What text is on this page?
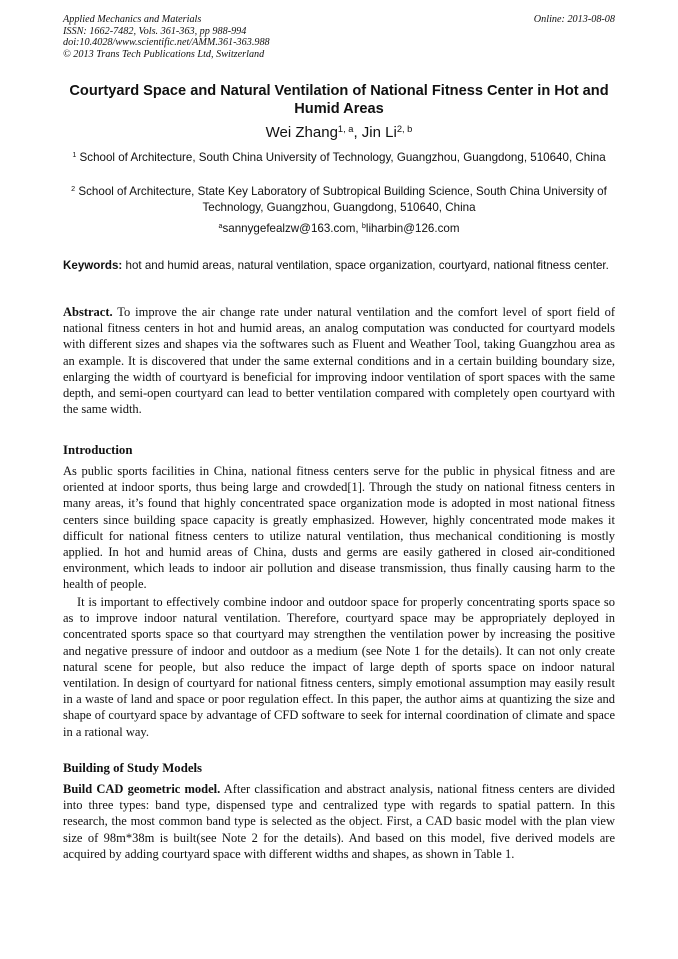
Applied Mechanics and Materials
ISSN: 1662-7482, Vols. 361-363, pp 988-994
doi:10.4028/www.scientific.net/AMM.361-363.988
© 2013 Trans Tech Publications Ltd, Switzerland
Online: 2013-08-08
Courtyard Space and Natural Ventilation of National Fitness Center in Hot and Humid Areas
Wei Zhang$^{1, a}$, Jin Li$^{2, b}$
$^1$ School of Architecture, South China University of Technology, Guangzhou, Guangdong, 510640, China
$^2$ School of Architecture, State Key Laboratory of Subtropical Building Science, South China University of Technology, Guangzhou, Guangdong, 510640, China
$^a$sannygefealzw@163.com, $^b$liharbin@126.com
Keywords: hot and humid areas, natural ventilation, space organization, courtyard, national fitness center.
Abstract. To improve the air change rate under natural ventilation and the comfort level of sport field of national fitness centers in hot and humid areas, an analog computation was conducted for courtyard models with different sizes and shapes via the softwares such as Fluent and Weather Tool, taking Guangzhou area as an example. It is discovered that under the same external conditions and in a certain building boundary size, enlarging the width of courtyard is beneficial for improving indoor ventilation of sport spaces with the same depth, and semi-open courtyard can lead to better ventilation compared with completely open courtyard with the same width.
Introduction
As public sports facilities in China, national fitness centers serve for the public in physical fitness and are oriented at indoor sports, thus being large and crowded[1]. Through the study on national fitness centers in many areas, it’s found that highly concentrated space organization mode is adopted in most national fitness centers since building space capacity is greatly emphasized. However, highly concentrated mode makes it difficult for national fitness centers to utilize natural ventilation, thus mechanical conditioning is mostly applied. In hot and humid areas of China, dusts and germs are easily gathered in closed air-conditioned environment, which leads to indoor air pollution and disease transmission, thus finally causing harm to the health of people.
It is important to effectively combine indoor and outdoor space for properly concentrating sports space so as to improve indoor natural ventilation. Therefore, courtyard space may be appropriately deployed in concentrated sports space so that courtyard may strengthen the ventilation power by increasing the positive and negative pressure of indoor and outdoor as a medium (see Note 1 for the details). It can not only create natural scene for people, but also reduce the impact of large depth of sports space on indoor natural ventilation. In design of courtyard for national fitness centers, simply emotional assumption may easily result in a waste of land and space or poor regulation effect. In this paper, the author aims at quantizing the size and shape of courtyard space by advantage of CFD software to seek for internal coordination of climate and space in a rational way.
Building of Study Models
Build CAD geometric model. After classification and abstract analysis, national fitness centers are divided into three types: band type, dispensed type and centralized type with regards to spatial pattern. In this research, the most common band type is selected as the object. First, a CAD basic model with the plan view size of 98m*38m is built(see Note 2 for the details). And based on this model, five derived models are acquired by adding courtyard space with different widths and shapes, as shown in Table 1.
